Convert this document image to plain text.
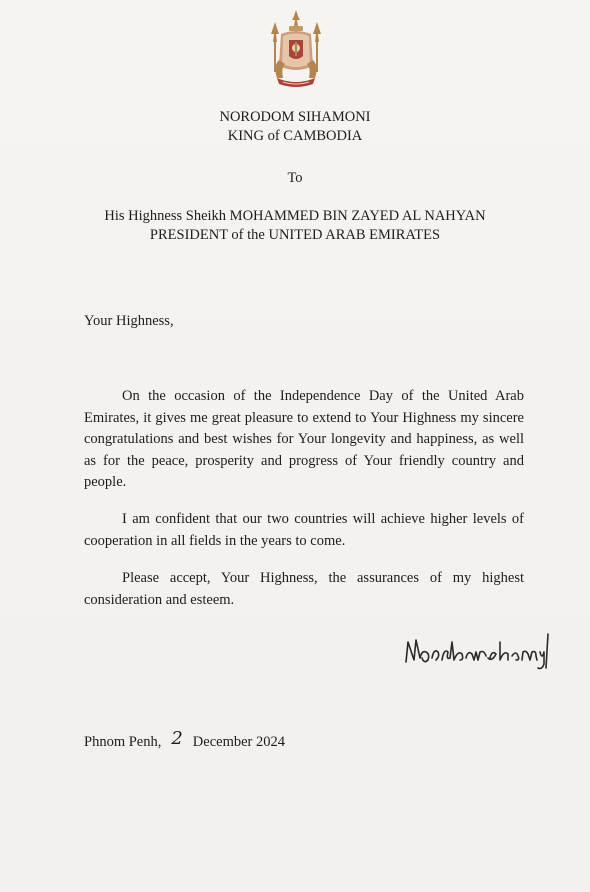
NORODOM SIHAMONI
KING of CAMBODIA
To
His Highness Sheikh MOHAMMED BIN ZAYED AL NAHYAN
PRESIDENT of the UNITED ARAB EMIRATES
Your Highness,
On the occasion of the Independence Day of the United Arab Emirates, it gives me great pleasure to extend to Your Highness my sincere congratulations and best wishes for Your longevity and happiness, as well as for the peace, prosperity and progress of Your friendly country and people.
I am confident that our two countries will achieve higher levels of cooperation in all fields in the years to come.
Please accept, Your Highness, the assurances of my highest consideration and esteem.
Phnom Penh, 2 December 2024
